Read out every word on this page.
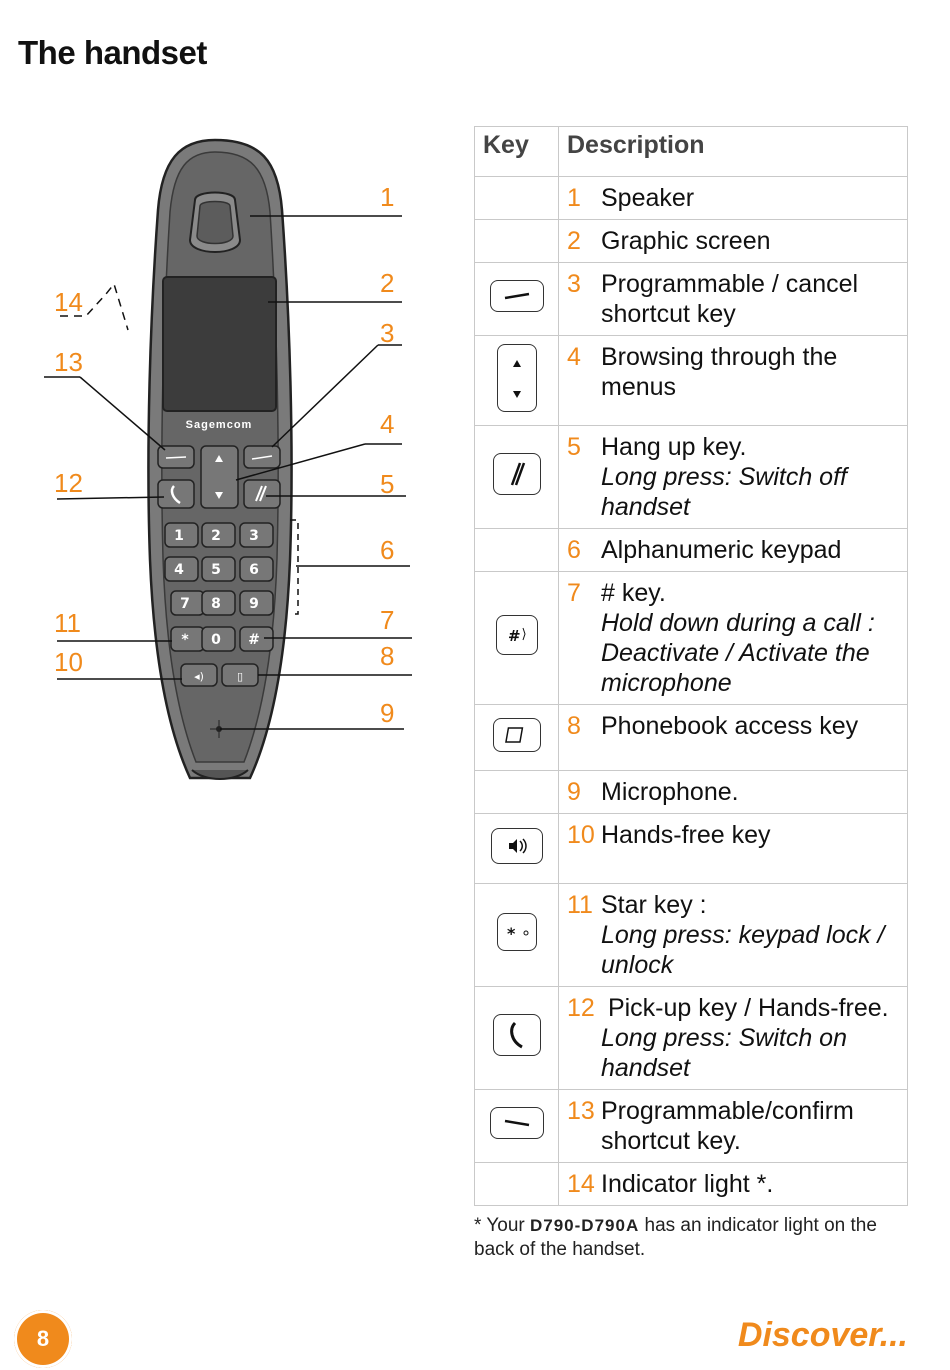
The handset
Sagemcom
1 2 3
4 5 6
7 8 9
* 0 #
◂)	▯
1
2
3
4
5
6
7
8
9
10
11
12
13
14
Key	Description
	1 Speaker
	2 Graphic screen
	3 Programmable / cancel
shortcut key

	4 Browsing through the
menus

	5 Hang up key.
Long press: Switch off handset

	6 Alphanumeric keypad

#	7 # key.
Hold down during a call : Deactivate / Activate the microphone

	8 Phonebook access key
	9 Microphone.
	10 Hands-free key

*	11 Star key :
Long press: keypad lock / unlock

	12 Pick-up key / Hands-free.
Long press: Switch on handset

	13 Programmable/confirm
shortcut key.

	14 Indicator light *.
* Your D790-D790A has an indicator light on the back of the handset.
8	Discover...
